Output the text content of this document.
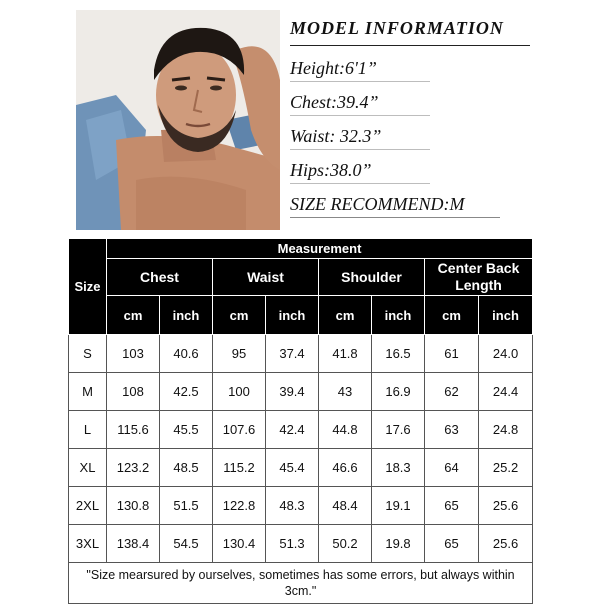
MODEL INFORMATION
Height:6'1”
Chest:39.4”
Waist: 32.3”
Hips:38.0”
SIZE RECOMMEND:M
Size	Measurement							
	Chest		Waist		Shoulder		Center Back Length	
	cm	inch	cm	inch	cm	inch	cm	inch
S	103	40.6	95	37.4	41.8	16.5	61	24.0
M	108	42.5	100	39.4	43	16.9	62	24.4
L	115.6	45.5	107.6	42.4	44.8	17.6	63	24.8
XL	123.2	48.5	115.2	45.4	46.6	18.3	64	25.2
2XL	130.8	51.5	122.8	48.3	48.4	19.1	65	25.6
3XL	138.4	54.5	130.4	51.3	50.2	19.8	65	25.6
"Size mearsured by ourselves, sometimes has some errors, but always within 3cm."								
